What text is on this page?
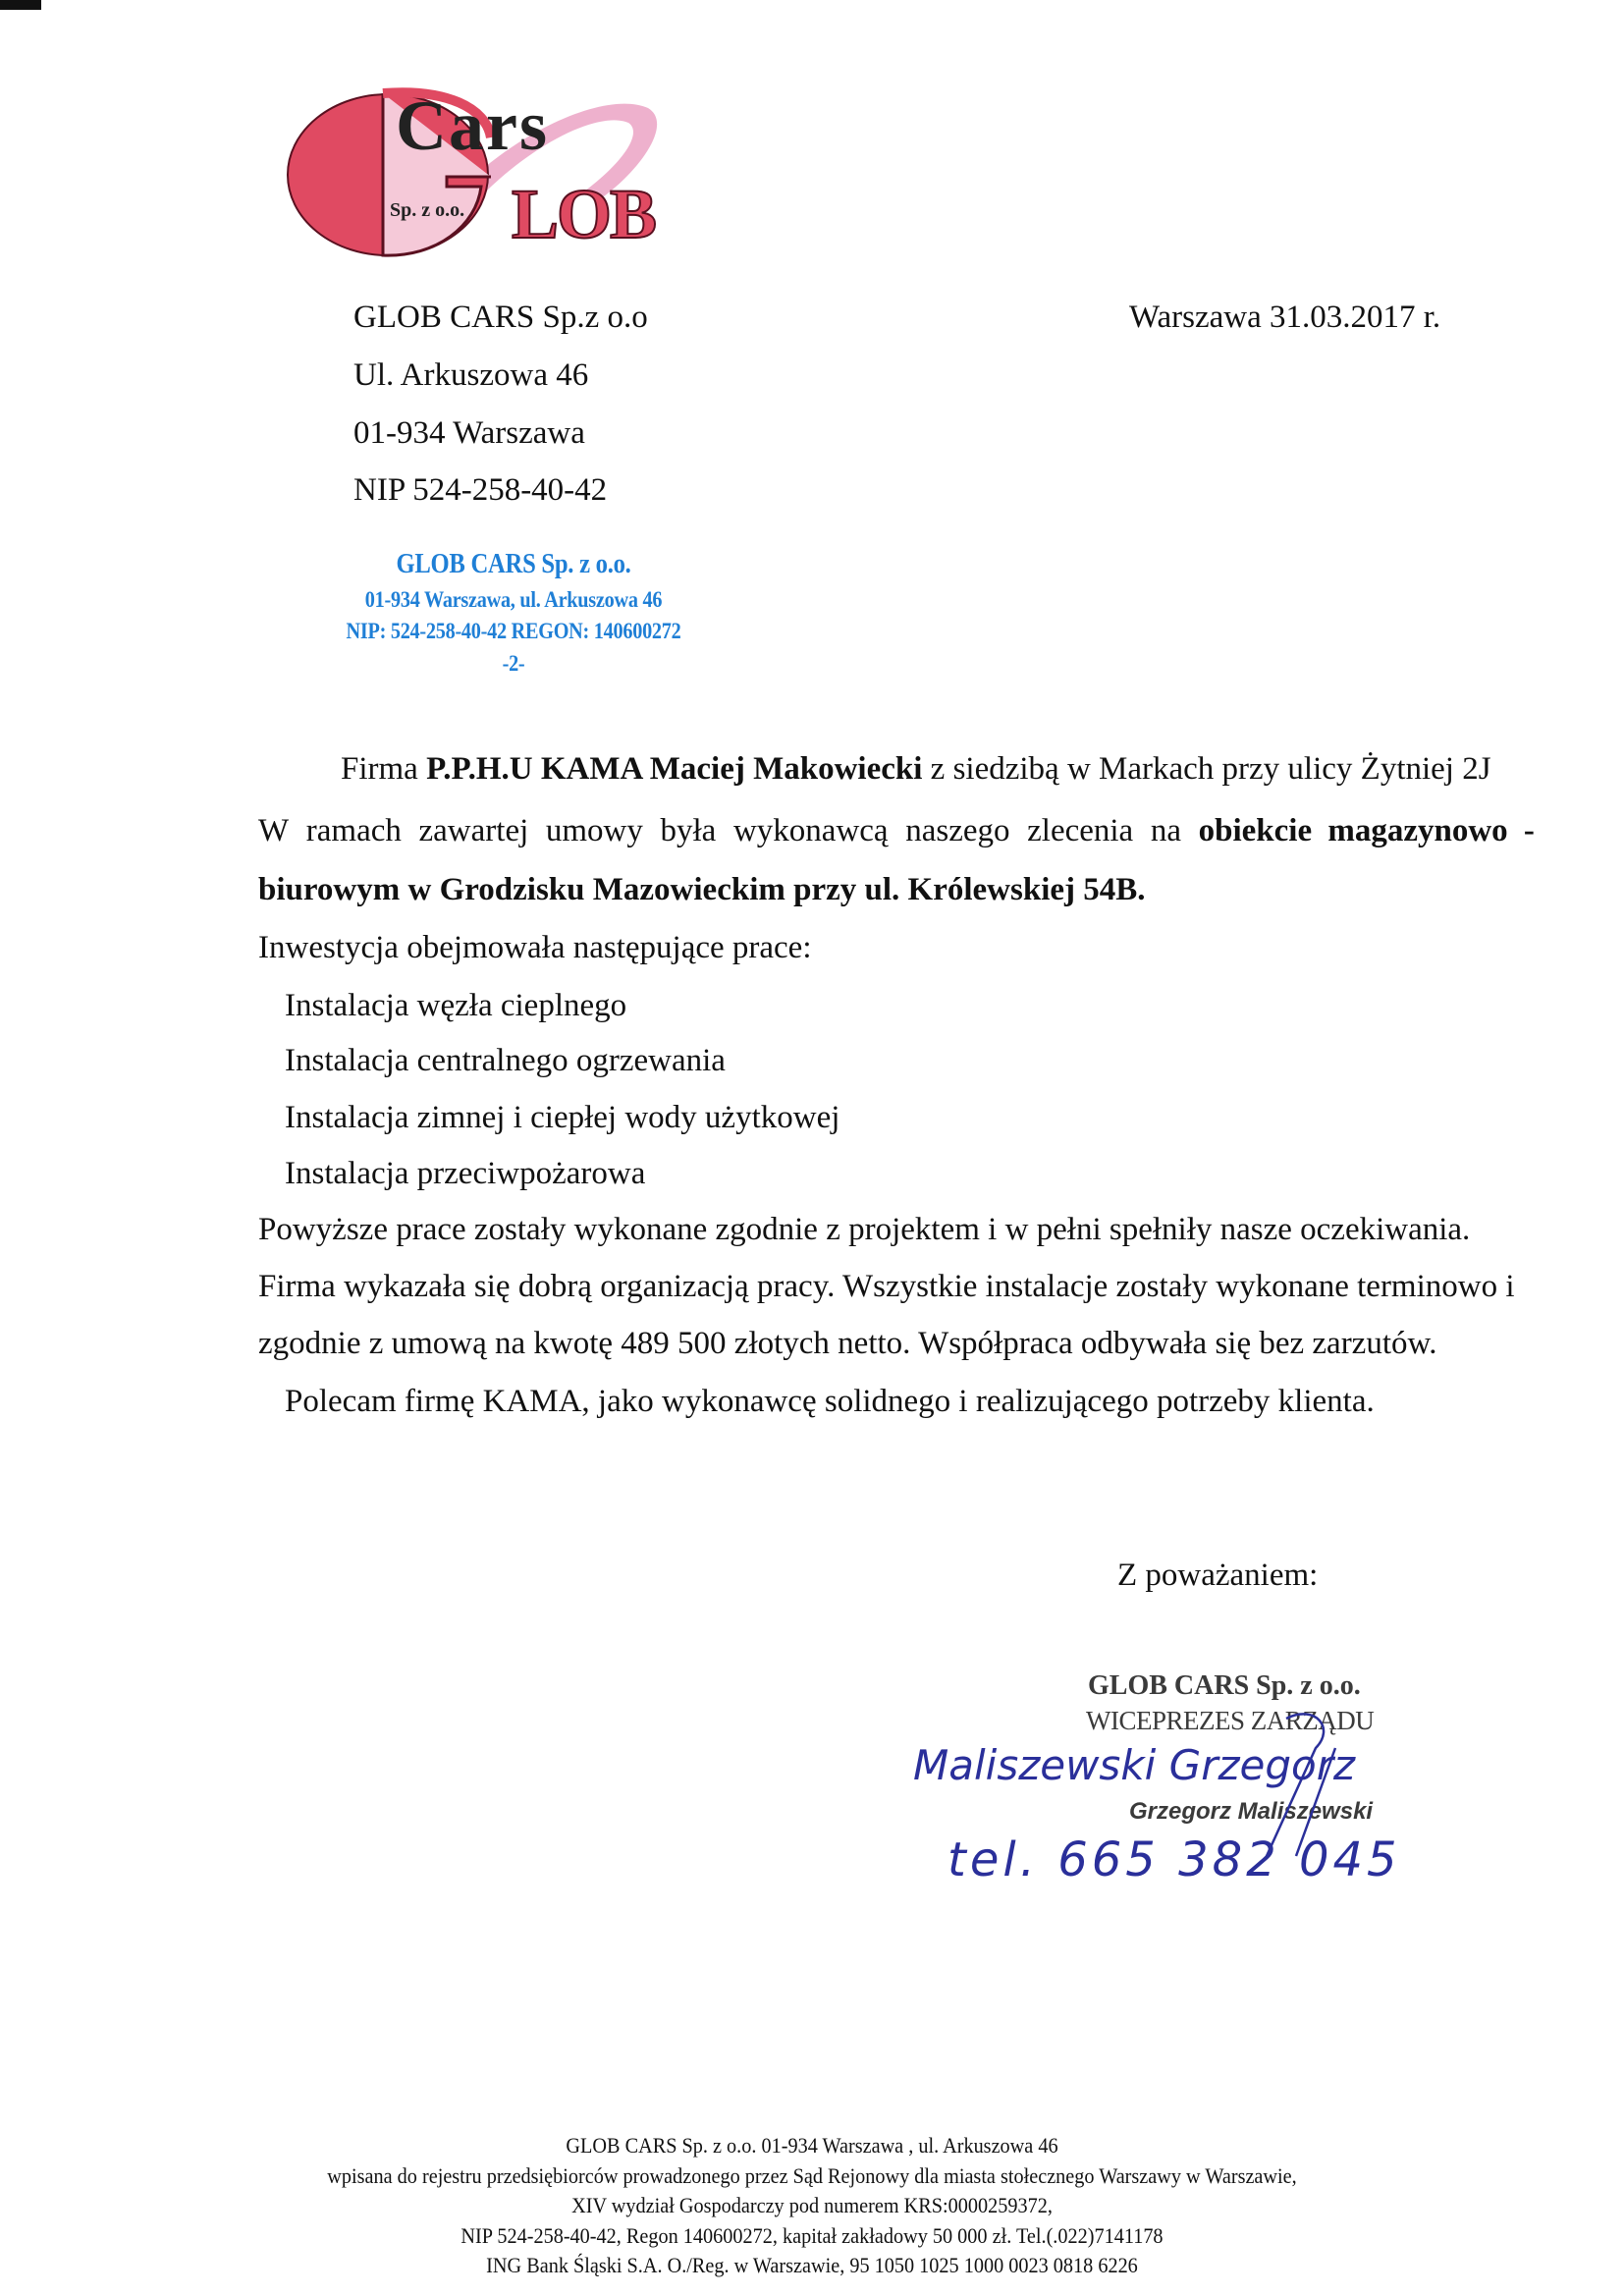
Cars
Sp. z o.o. LOB
GLOB CARS Sp.z o.o
Ul. Arkuszowa 46
01-934 Warszawa
NIP 524-258-40-42
Warszawa 31.03.2017 r.
GLOB CARS Sp. z o.o.
01-934 Warszawa, ul. Arkuszowa 46
NIP: 524-258-40-42 REGON: 140600272
-2-
Firma P.P.H.U KAMA Maciej Makowiecki z siedzibą w Markach przy ulicy Żytniej 2J
W ramach zawartej umowy była wykonawcą naszego zlecenia na obiekcie magazynowo -
biurowym w Grodzisku Mazowieckim przy ul. Królewskiej 54B.
Inwestycja obejmowała następujące prace:
Instalacja węzła cieplnego
Instalacja centralnego ogrzewania
Instalacja zimnej i ciepłej wody użytkowej
Instalacja przeciwpożarowa
Powyższe prace zostały wykonane zgodnie z projektem i w pełni spełniły nasze oczekiwania.
Firma wykazała się dobrą organizacją pracy. Wszystkie instalacje zostały wykonane terminowo i
zgodnie z umową na kwotę 489 500 złotych netto. Współpraca odbywała się bez zarzutów.
Polecam firmę KAMA, jako wykonawcę solidnego i realizującego potrzeby klienta.
Z poważaniem:
GLOB CARS Sp. z o.o.
WICEPREZES ZARZĄDU
Maliszewski Grzegorz
Grzegorz Maliszewski
tel. 665 382 045
GLOB CARS Sp. z o.o. 01-934 Warszawa , ul. Arkuszowa 46
wpisana do rejestru przedsiębiorców prowadzonego przez Sąd Rejonowy dla miasta stołecznego Warszawy w Warszawie,
XIV wydział Gospodarczy pod numerem KRS:0000259372,
NIP 524-258-40-42, Regon 140600272, kapitał zakładowy 50 000 zł. Tel.(.022)7141178
ING Bank Śląski S.A. O./Reg. w Warszawie, 95 1050 1025 1000 0023 0818 6226
